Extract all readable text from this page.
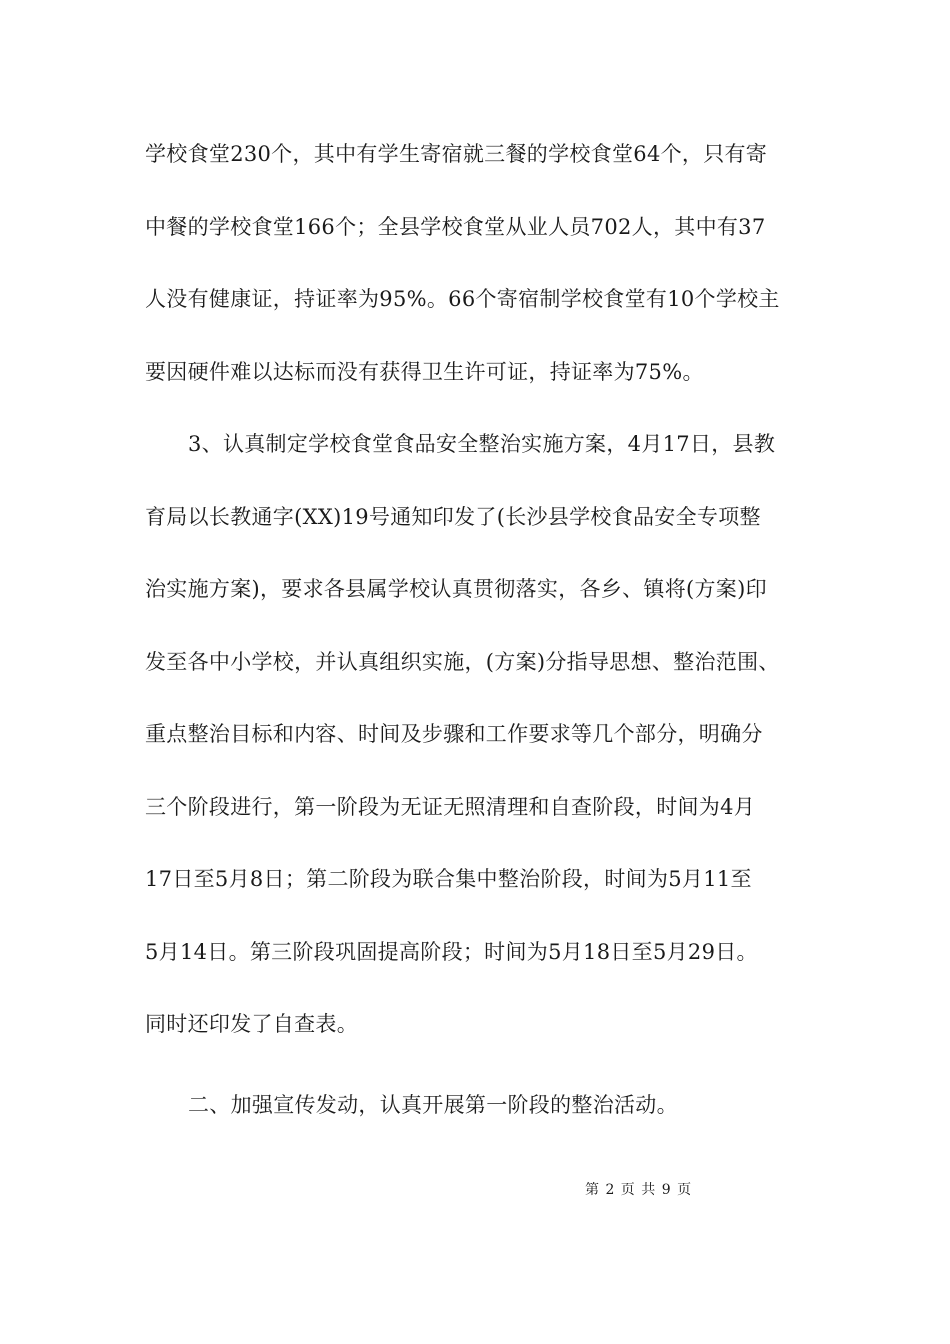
学校食堂230个，其中有学生寄宿就三餐的学校食堂64个，只有寄
中餐的学校食堂166个；全县学校食堂从业人员702人，其中有37
人没有健康证，持证率为95%。66个寄宿制学校食堂有10个学校主
要因硬件难以达标而没有获得卫生许可证，持证率为75%。
3、认真制定学校食堂食品安全整治实施方案，4月17日，县教
育局以长教通字(XX)19号通知印发了(长沙县学校食品安全专项整
治实施方案)，要求各县属学校认真贯彻落实，各乡、镇将(方案)印
发至各中小学校，并认真组织实施，(方案)分指导思想、整治范围、
重点整治目标和内容、时间及步骤和工作要求等几个部分，明确分
三个阶段进行，第一阶段为无证无照清理和自查阶段，时间为4月
17日至5月8日；第二阶段为联合集中整治阶段，时间为5月11至
5月14日。第三阶段巩固提高阶段；时间为5月18日至5月29日。
同时还印发了自查表。
二、加强宣传发动，认真开展第一阶段的整治活动。
第 2 页 共 9 页
